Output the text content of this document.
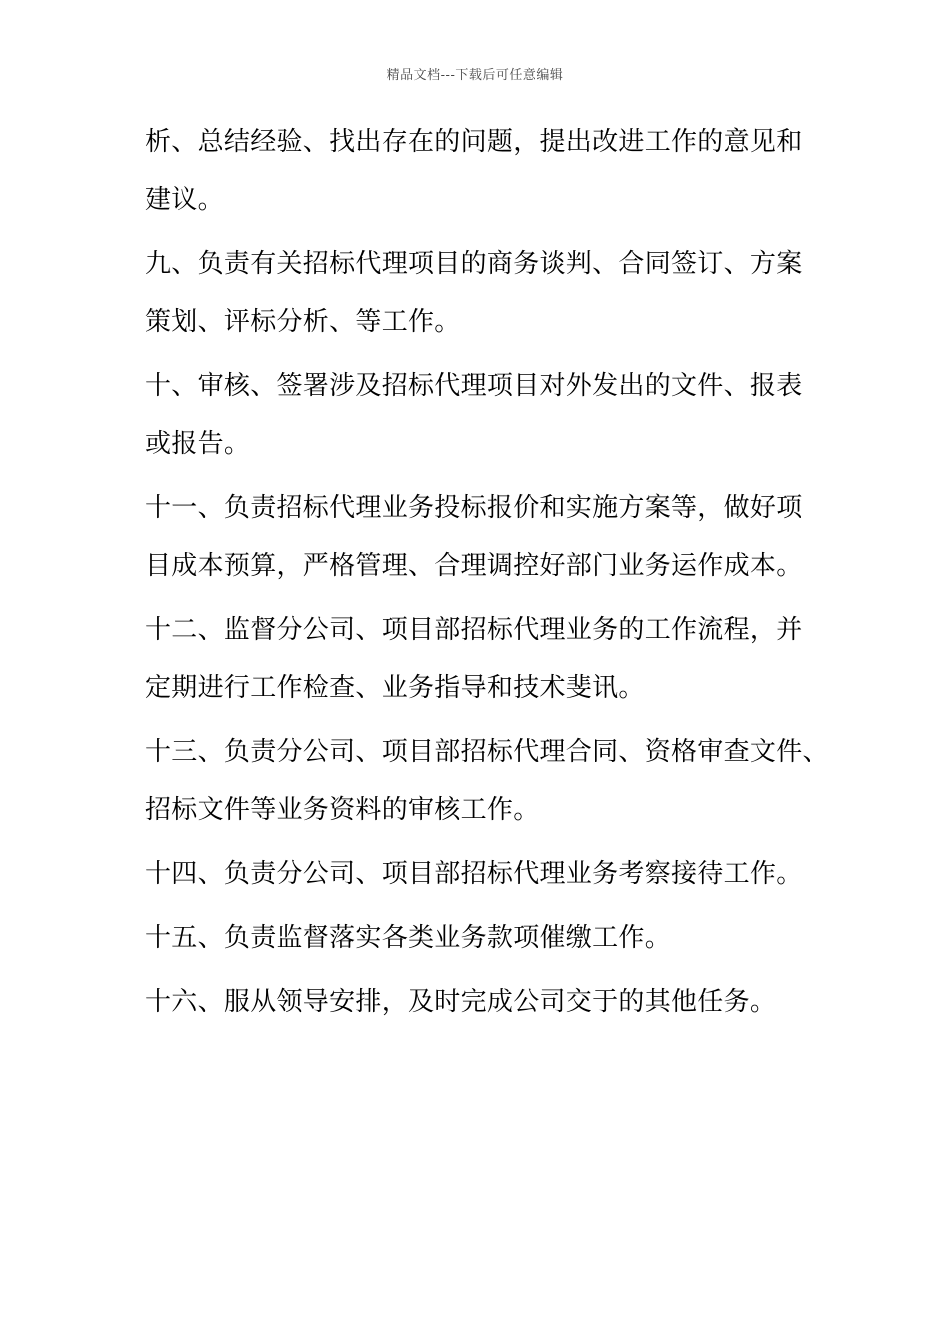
精品文档---下载后可任意编辑
析、总结经验、找出存在的问题，提出改进工作的意见和
建议。
九、负责有关招标代理项目的商务谈判、合同签订、方案
策划、评标分析、等工作。
十、审核、签署涉及招标代理项目对外发出的文件、报表
或报告。
十一、负责招标代理业务投标报价和实施方案等，做好项
目成本预算，严格管理、合理调控好部门业务运作成本。
十二、监督分公司、项目部招标代理业务的工作流程，并
定期进行工作检查、业务指导和技术斐讯。
十三、负责分公司、项目部招标代理合同、资格审查文件、
招标文件等业务资料的审核工作。
十四、负责分公司、项目部招标代理业务考察接待工作。
十五、负责监督落实各类业务款项催缴工作。
十六、服从领导安排，及时完成公司交于的其他任务。
